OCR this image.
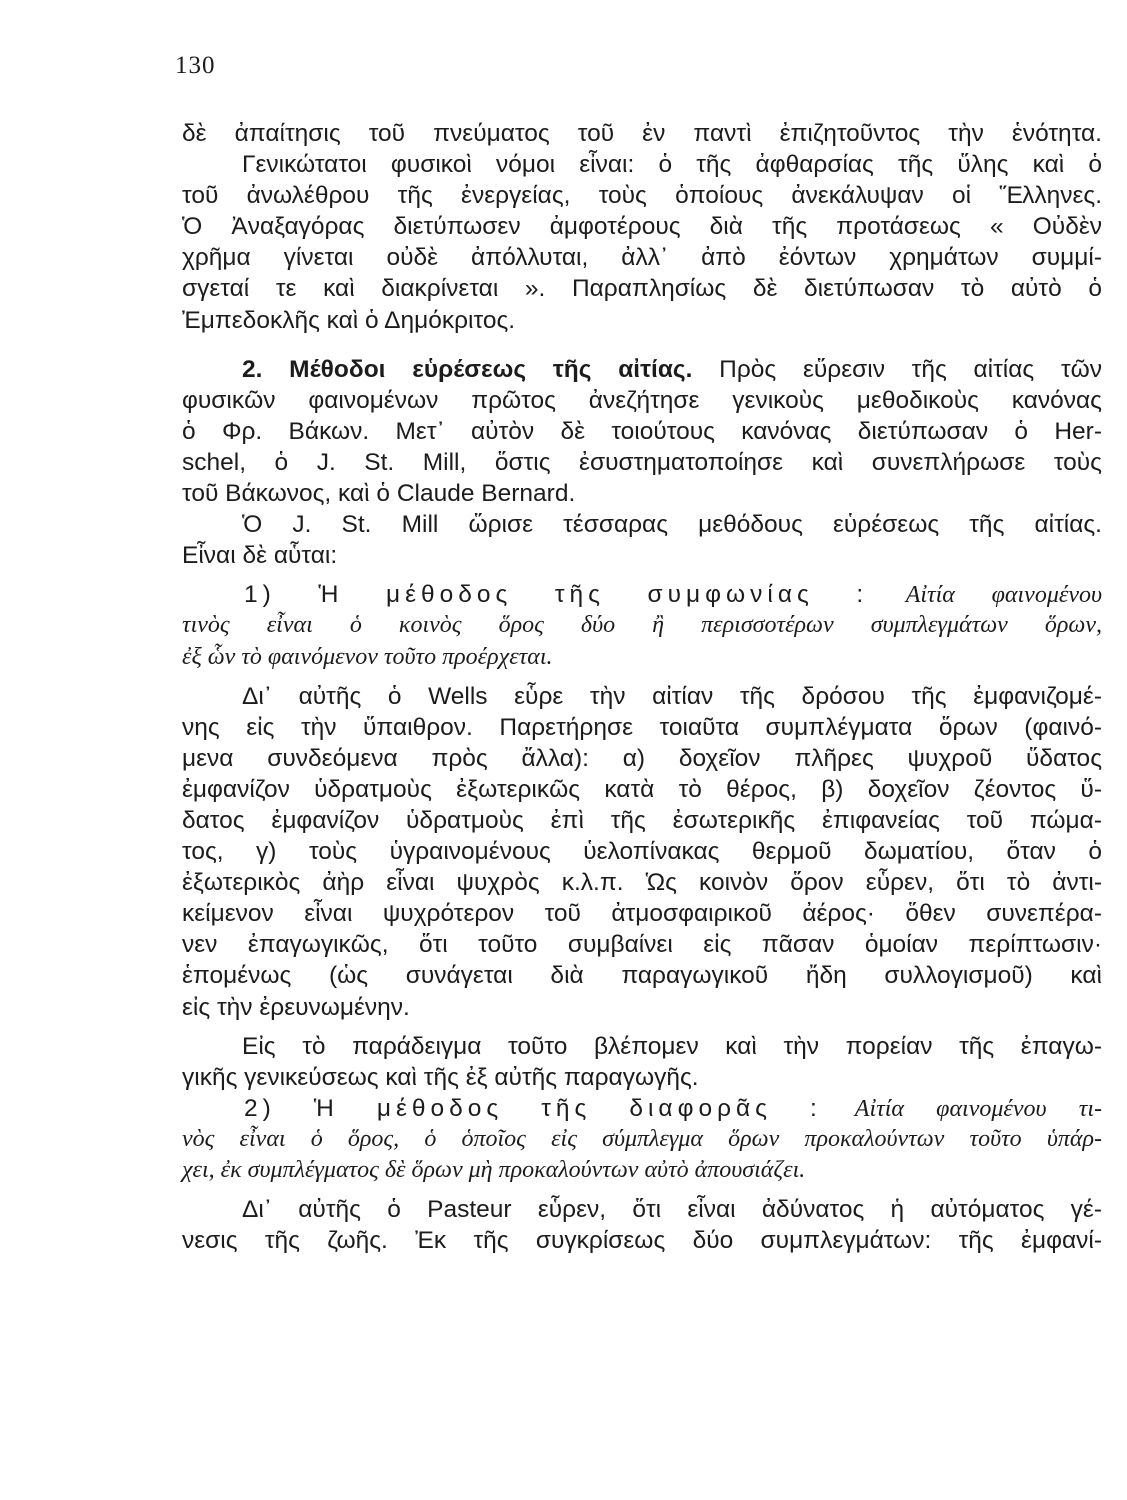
130
δὲ ἀπαίτησις τοῦ πνεύματος τοῦ ἐν παντὶ ἐπιζητοῦντος τὴν ἑνότητα.
Γενικώτατοι φυσικοὶ νόμοι εἶναι: ὁ τῆς ἀφθαρσίας τῆς ὕλης καὶ ὁ
τοῦ ἀνωλέθρου τῆς ἐνεργείας, τοὺς ὁποίους ἀνεκάλυψαν οἱ Ἕλληνες.
Ὁ Ἀναξαγόρας διετύπωσεν ἀμφοτέρους διὰ τῆς προτάσεως « Οὐδὲν
χρῆμα γίνεται οὐδὲ ἀπόλλυται, ἀλλ᾽ ἀπὸ ἐόντων χρημάτων συμμί-
σγεταί τε καὶ διακρίνεται ». Παραπλησίως δὲ διετύπωσαν τὸ αὐτὸ ὁ
Ἐμπεδοκλῆς καὶ ὁ Δημόκριτος.
2. Μέθοδοι εὑρέσεως τῆς αἰτίας. Πρὸς εὕρεσιν τῆς αἰτίας τῶν
φυσικῶν φαινομένων πρῶτος ἀνεζήτησε γενικοὺς μεθοδικοὺς κανόνας
ὁ Φρ. Βάκων. Μετ᾽ αὐτὸν δὲ τοιούτους κανόνας διετύπωσαν ὁ Her-
schel, ὁ J. St. Mill, ὅστις ἐσυστηματοποίησε καὶ συνεπλήρωσε τοὺς
τοῦ Βάκωνος, καὶ ὁ Claude Bernard.
Ὁ J. St. Mill ὥρισε τέσσαρας μεθόδους εὑρέσεως τῆς αἰτίας.
Εἶναι δὲ αὗται:
1) Ἡ μέθοδος τῆς συμφωνίας : Αἰτία φαινομένου
τινὸς εἶναι ὁ κοινὸς ὅρος δύο ἢ περισσοτέρων συμπλεγμάτων ὅρων,
ἐξ ὧν τὸ φαινόμενον τοῦτο προέρχεται.
Δι᾽ αὐτῆς ὁ Wells εὗρε τὴν αἰτίαν τῆς δρόσου τῆς ἐμφανιζομέ-
νης εἰς τὴν ὕπαιθρον. Παρετήρησε τοιαῦτα συμπλέγματα ὅρων (φαινό-
μενα συνδεόμενα πρὸς ἄλλα): α) δοχεῖον πλῆρες ψυχροῦ ὕδατος
ἐμφανίζον ὑδρατμοὺς ἐξωτερικῶς κατὰ τὸ θέρος, β) δοχεῖον ζέοντος ὕ-
δατος ἐμφανίζον ὑδρατμοὺς ἐπὶ τῆς ἐσωτερικῆς ἐπιφανείας τοῦ πώμα-
τος, γ) τοὺς ὑγραινομένους ὑελοπίνακας θερμοῦ δωματίου, ὅταν ὁ
ἐξωτερικὸς ἀὴρ εἶναι ψυχρὸς κ.λ.π. Ὡς κοινὸν ὅρον εὗρεν, ὅτι τὸ ἀντι-
κείμενον εἶναι ψυχρότερον τοῦ ἀτμοσφαιρικοῦ ἀέρος· ὅθεν συνεπέρα-
νεν ἐπαγωγικῶς, ὅτι τοῦτο συμβαίνει εἰς πᾶσαν ὁμοίαν περίπτωσιν·
ἑπομένως (ὡς συνάγεται διὰ παραγωγικοῦ ἤδη συλλογισμοῦ) καὶ
εἰς τὴν ἐρευνωμένην.
Εἰς τὸ παράδειγμα τοῦτο βλέπομεν καὶ τὴν πορείαν τῆς ἐπαγω-
γικῆς γενικεύσεως καὶ τῆς ἐξ αὐτῆς παραγωγῆς.
2) Ἡ μέθοδος τῆς διαφορᾶς : Αἰτία φαινομένου τι-
νὸς εἶναι ὁ ὅρος, ὁ ὁποῖος εἰς σύμπλεγμα ὅρων προκαλούντων τοῦτο ὑπάρ-
χει, ἐκ συμπλέγματος δὲ ὅρων μὴ προκαλούντων αὐτὸ ἀπουσιάζει.
Δι᾽ αὐτῆς ὁ Pasteur εὗρεν, ὅτι εἶναι ἀδύνατος ἡ αὐτόματος γέ-
νεσις τῆς ζωῆς. Ἐκ τῆς συγκρίσεως δύο συμπλεγμάτων: τῆς ἐμφανί-
